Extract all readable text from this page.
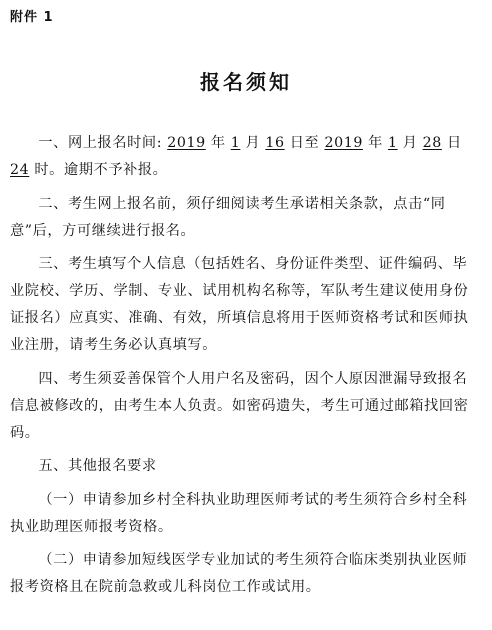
附件 1
报名须知

一、网上报名时间: 2019 年 1 月 16 日至 2019 年 1 月 28 日 24 时。逾期不予补报。

二、考生网上报名前，须仔细阅读考生承诺相关条款，点击“同意”后，方可继续进行报名。

三、考生填写个人信息（包括姓名、身份证件类型、证件编码、毕业院校、学历、学制、专业、试用机构名称等，军队考生建议使用身份证报名）应真实、准确、有效，所填信息将用于医师资格考试和医师执业注册，请考生务必认真填写。

四、考生须妥善保管个人用户名及密码，因个人原因泄漏导致报名信息被修改的，由考生本人负责。如密码遗失，考生可通过邮箱找回密码。

五、其他报名要求

（一）申请参加乡村全科执业助理医师考试的考生须符合乡村全科执业助理医师报考资格。

（二）申请参加短线医学专业加试的考生须符合临床类别执业医师报考资格且在院前急救或儿科岗位工作或试用。
